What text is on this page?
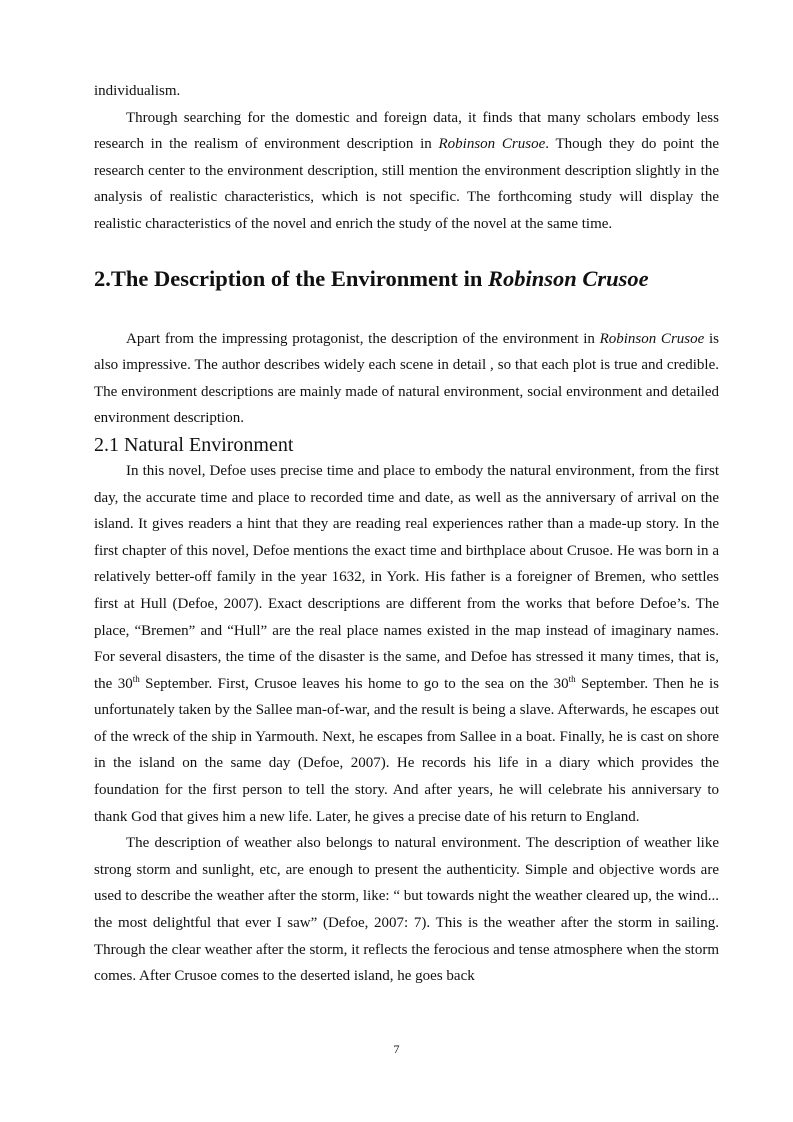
individualism.

Through searching for the domestic and foreign data, it finds that many scholars embody less research in the realism of environment description in Robinson Crusoe. Though they do point the research center to the environment description, still mention the environment description slightly in the analysis of realistic characteristics, which is not specific. The forthcoming study will display the realistic characteristics of the novel and enrich the study of the novel at the same time.

2.The Description of the Environment in Robinson Crusoe

Apart from the impressing protagonist, the description of the environment in Robinson Crusoe is also impressive. The author describes widely each scene in detail , so that each plot is true and credible. The environment descriptions are mainly made of natural environment, social environment and detailed environment description.

2.1 Natural Environment

In this novel, Defoe uses precise time and place to embody the natural environment, from the first day, the accurate time and place to recorded time and date, as well as the anniversary of arrival on the island. It gives readers a hint that they are reading real experiences rather than a made-up story. In the first chapter of this novel, Defoe mentions the exact time and birthplace about Crusoe. He was born in a relatively better-off family in the year 1632, in York. His father is a foreigner of Bremen, who settles first at Hull (Defoe, 2007). Exact descriptions are different from the works that before Defoe’s. The place, “Bremen” and “Hull” are the real place names existed in the map instead of imaginary names. For several disasters, the time of the disaster is the same, and Defoe has stressed it many times, that is, the 30th September. First, Crusoe leaves his home to go to the sea on the 30th September. Then he is unfortunately taken by the Sallee man-of-war, and the result is being a slave. Afterwards, he escapes out of the wreck of the ship in Yarmouth. Next, he escapes from Sallee in a boat. Finally, he is cast on shore in the island on the same day (Defoe, 2007). He records his life in a diary which provides the foundation for the first person to tell the story. And after years, he will celebrate his anniversary to thank God that gives him a new life. Later, he gives a precise date of his return to England.

The description of weather also belongs to natural environment. The description of weather like strong storm and sunlight, etc, are enough to present the authenticity. Simple and objective words are used to describe the weather after the storm, like: “ but towards night the weather cleared up, the wind... the most delightful that ever I saw” (Defoe, 2007: 7). This is the weather after the storm in sailing. Through the clear weather after the storm, it reflects the ferocious and tense atmosphere when the storm comes. After Crusoe comes to the deserted island, he goes back

7
